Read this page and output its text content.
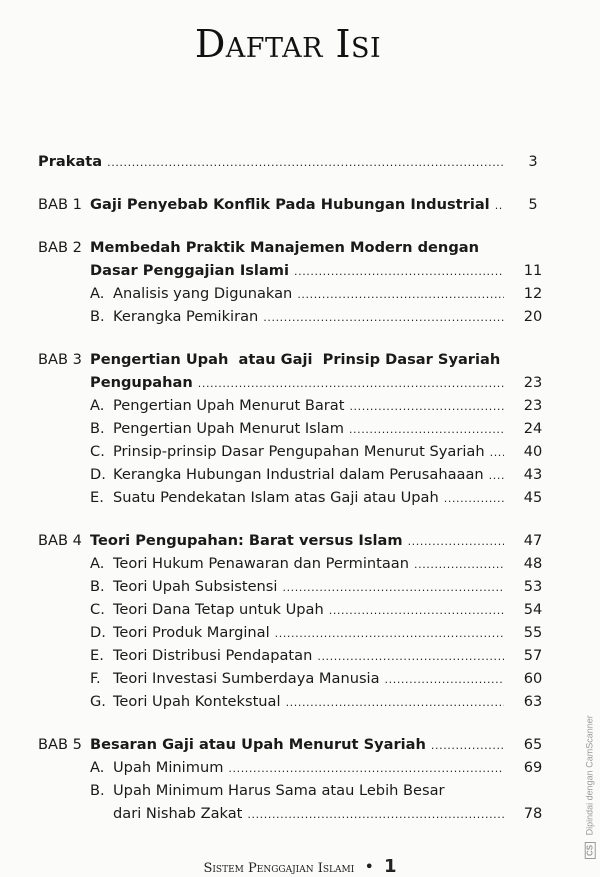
Daftar Isi
Prakata .....	3
BAB 1 Gaji Penyebab Konflik Pada Hubungan Industrial .....	5
BAB 2 Membedah Praktik Manajemen Modern dengan
Dasar Penggajian Islami .....	11
A. Analisis yang Digunakan .....	12
B. Kerangka Pemikiran .....	20
BAB 3 Pengertian Upah  atau Gaji  Prinsip Dasar Syariah
Pengupahan .....	23
A. Pengertian Upah Menurut Barat .....	23
B. Pengertian Upah Menurut Islam .....	24
C. Prinsip-prinsip Dasar Pengupahan Menurut Syariah .....	40
D. Kerangka Hubungan Industrial dalam Perusahaaan .....	43
E. Suatu Pendekatan Islam atas Gaji atau Upah .....	45
BAB 4 Teori Pengupahan: Barat versus Islam .....	47
A. Teori Hukum Penawaran dan Permintaan .....	48
B. Teori Upah Subsistensi .....	53
C. Teori Dana Tetap untuk Upah .....	54
D. Teori Produk Marginal .....	55
E. Teori Distribusi Pendapatan .....	57
F. Teori Investasi Sumberdaya Manusia .....	60
G. Teori Upah Kontekstual .....	63
BAB 5 Besaran Gaji atau Upah Menurut Syariah .....	65
A. Upah Minimum .....	69
B. Upah Minimum Harus Sama atau Lebih Besar
dari Nishab Zakat .....	78
Sistem Penggajian Islami • 1
CS Dipindai dengan CamScanner
